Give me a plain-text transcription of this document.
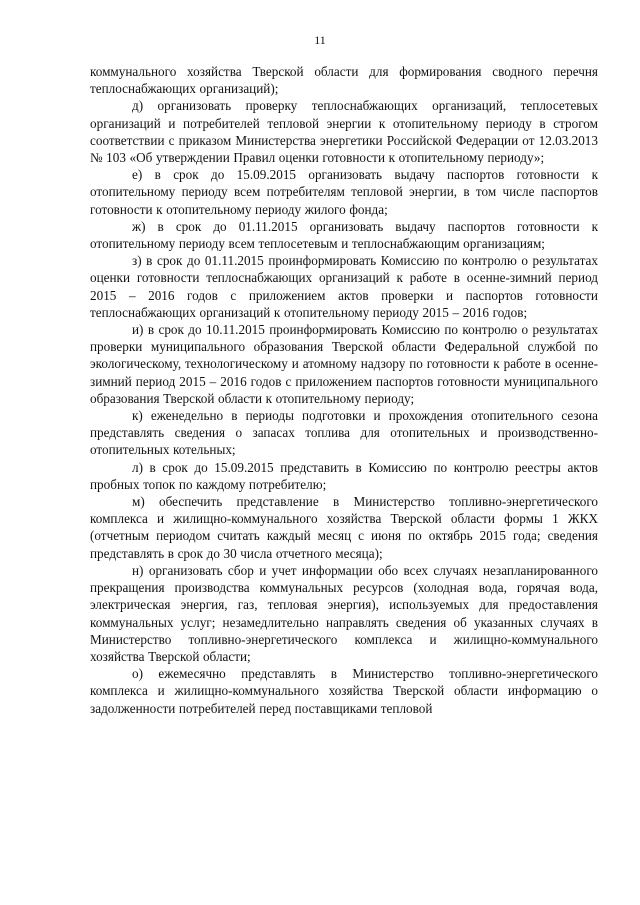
11

коммунального хозяйства Тверской области для формирования сводного перечня теплоснабжающих организаций);

д) организовать проверку теплоснабжающих организаций, теплосетевых организаций и потребителей тепловой энергии к отопительному периоду в строгом соответствии с приказом Министерства энергетики Российской Федерации от 12.03.2013 № 103 «Об утверждении Правил оценки готовности к отопительному периоду»;

е) в срок до 15.09.2015 организовать выдачу паспортов готовности к отопительному периоду всем потребителям тепловой энергии, в том числе паспортов готовности к отопительному периоду жилого фонда;

ж) в срок до 01.11.2015 организовать выдачу паспортов готовности к отопительному периоду всем теплосетевым и теплоснабжающим организациям;

з) в срок до 01.11.2015 проинформировать Комиссию по контролю о результатах оценки готовности теплоснабжающих организаций к работе в осенне-зимний период 2015 – 2016 годов с приложением актов проверки и паспортов готовности теплоснабжающих организаций к отопительному периоду 2015 – 2016 годов;

и) в срок до 10.11.2015 проинформировать Комиссию по контролю о результатах проверки муниципального образования Тверской области Федеральной службой по экологическому, технологическому и атомному надзору по готовности к работе в осенне-зимний период 2015 – 2016 годов с приложением паспортов готовности муниципального образования Тверской области к отопительному периоду;

к) еженедельно в периоды подготовки и прохождения отопительного сезона представлять сведения о запасах топлива для отопительных и производственно-отопительных котельных;

л) в срок до 15.09.2015 представить в Комиссию по контролю реестры актов пробных топок по каждому потребителю;

м) обеспечить представление в Министерство топливно-энергетического комплекса и жилищно-коммунального хозяйства Тверской области формы 1 ЖКХ (отчетным периодом считать каждый месяц с июня по октябрь 2015 года; сведения представлять в срок до 30 числа отчетного месяца);

н) организовать сбор и учет информации обо всех случаях незапланированного прекращения производства коммунальных ресурсов (холодная вода, горячая вода, электрическая энергия, газ, тепловая энергия), используемых для предоставления коммунальных услуг; незамедлительно направлять сведения об указанных случаях в Министерство топливно-энергетического комплекса и жилищно-коммунального хозяйства Тверской области;

о) ежемесячно представлять в Министерство топливно-энергетического комплекса и жилищно-коммунального хозяйства Тверской области информацию о задолженности потребителей перед поставщиками тепловой
